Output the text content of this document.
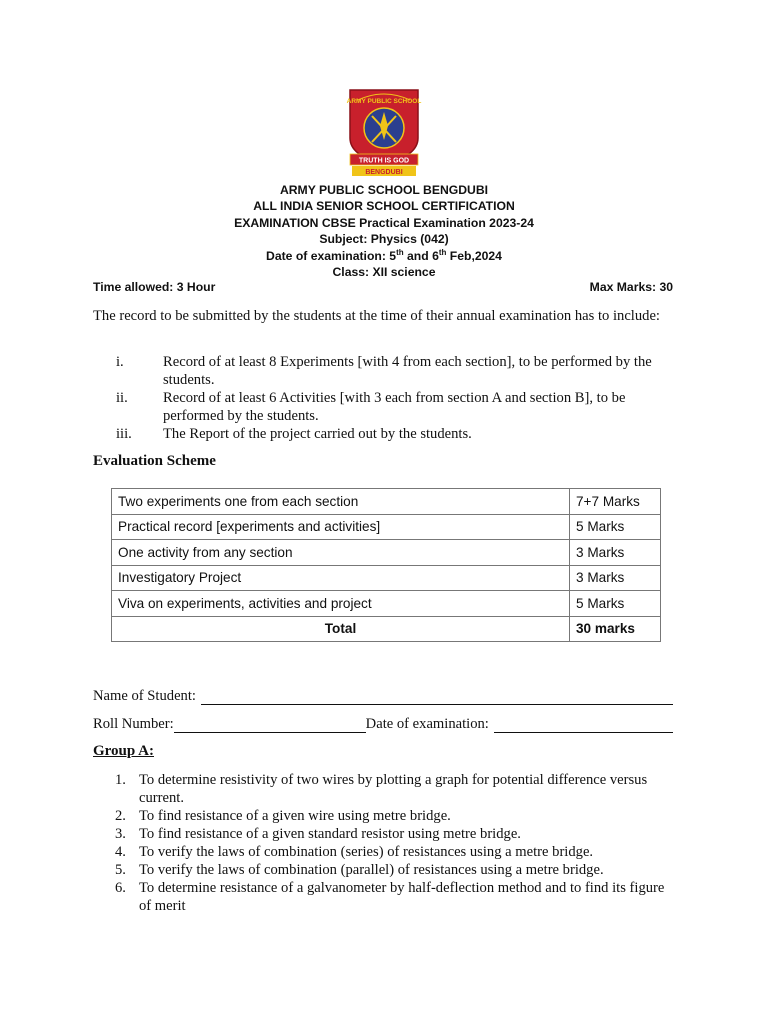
ARMY PUBLIC SCHOOL
TRUTH IS GOD
BENGDUBI
ARMY PUBLIC SCHOOL BENGDUBI
ALL INDIA SENIOR SCHOOL CERTIFICATION
EXAMINATION CBSE Practical Examination 2023-24
Subject: Physics (042)
Date of examination: 5th and 6th Feb,2024
Class: XII science
Time allowed: 3 Hour	Max Marks: 30
The record to be submitted by the students at the time of their annual examination has to include:
i.	Record of at least 8 Experiments [with 4 from each section], to be performed by the students.
ii.	Record of at least 6 Activities [with 3 each from section A and section B], to be performed by the students.
iii.	The Report of the project carried out by the students.
Evaluation Scheme
Two experiments one from each section	7+7 Marks
Practical record [experiments and activities]	5 Marks
One activity from any section	3 Marks
Investigatory Project	3 Marks
Viva on experiments, activities and project	5 Marks
Total	30 marks
Name of Student:
Roll Number:	Date of examination:
Group A:
1. To determine resistivity of two wires by plotting a graph for potential difference versus current.
2. To find resistance of a given wire using metre bridge.
3. To find resistance of a given standard resistor using metre bridge.
4. To verify the laws of combination (series) of resistances using a metre bridge.
5. To verify the laws of combination (parallel) of resistances using a metre bridge.
6. To determine resistance of a galvanometer by half-deflection method and to find its figure of merit
